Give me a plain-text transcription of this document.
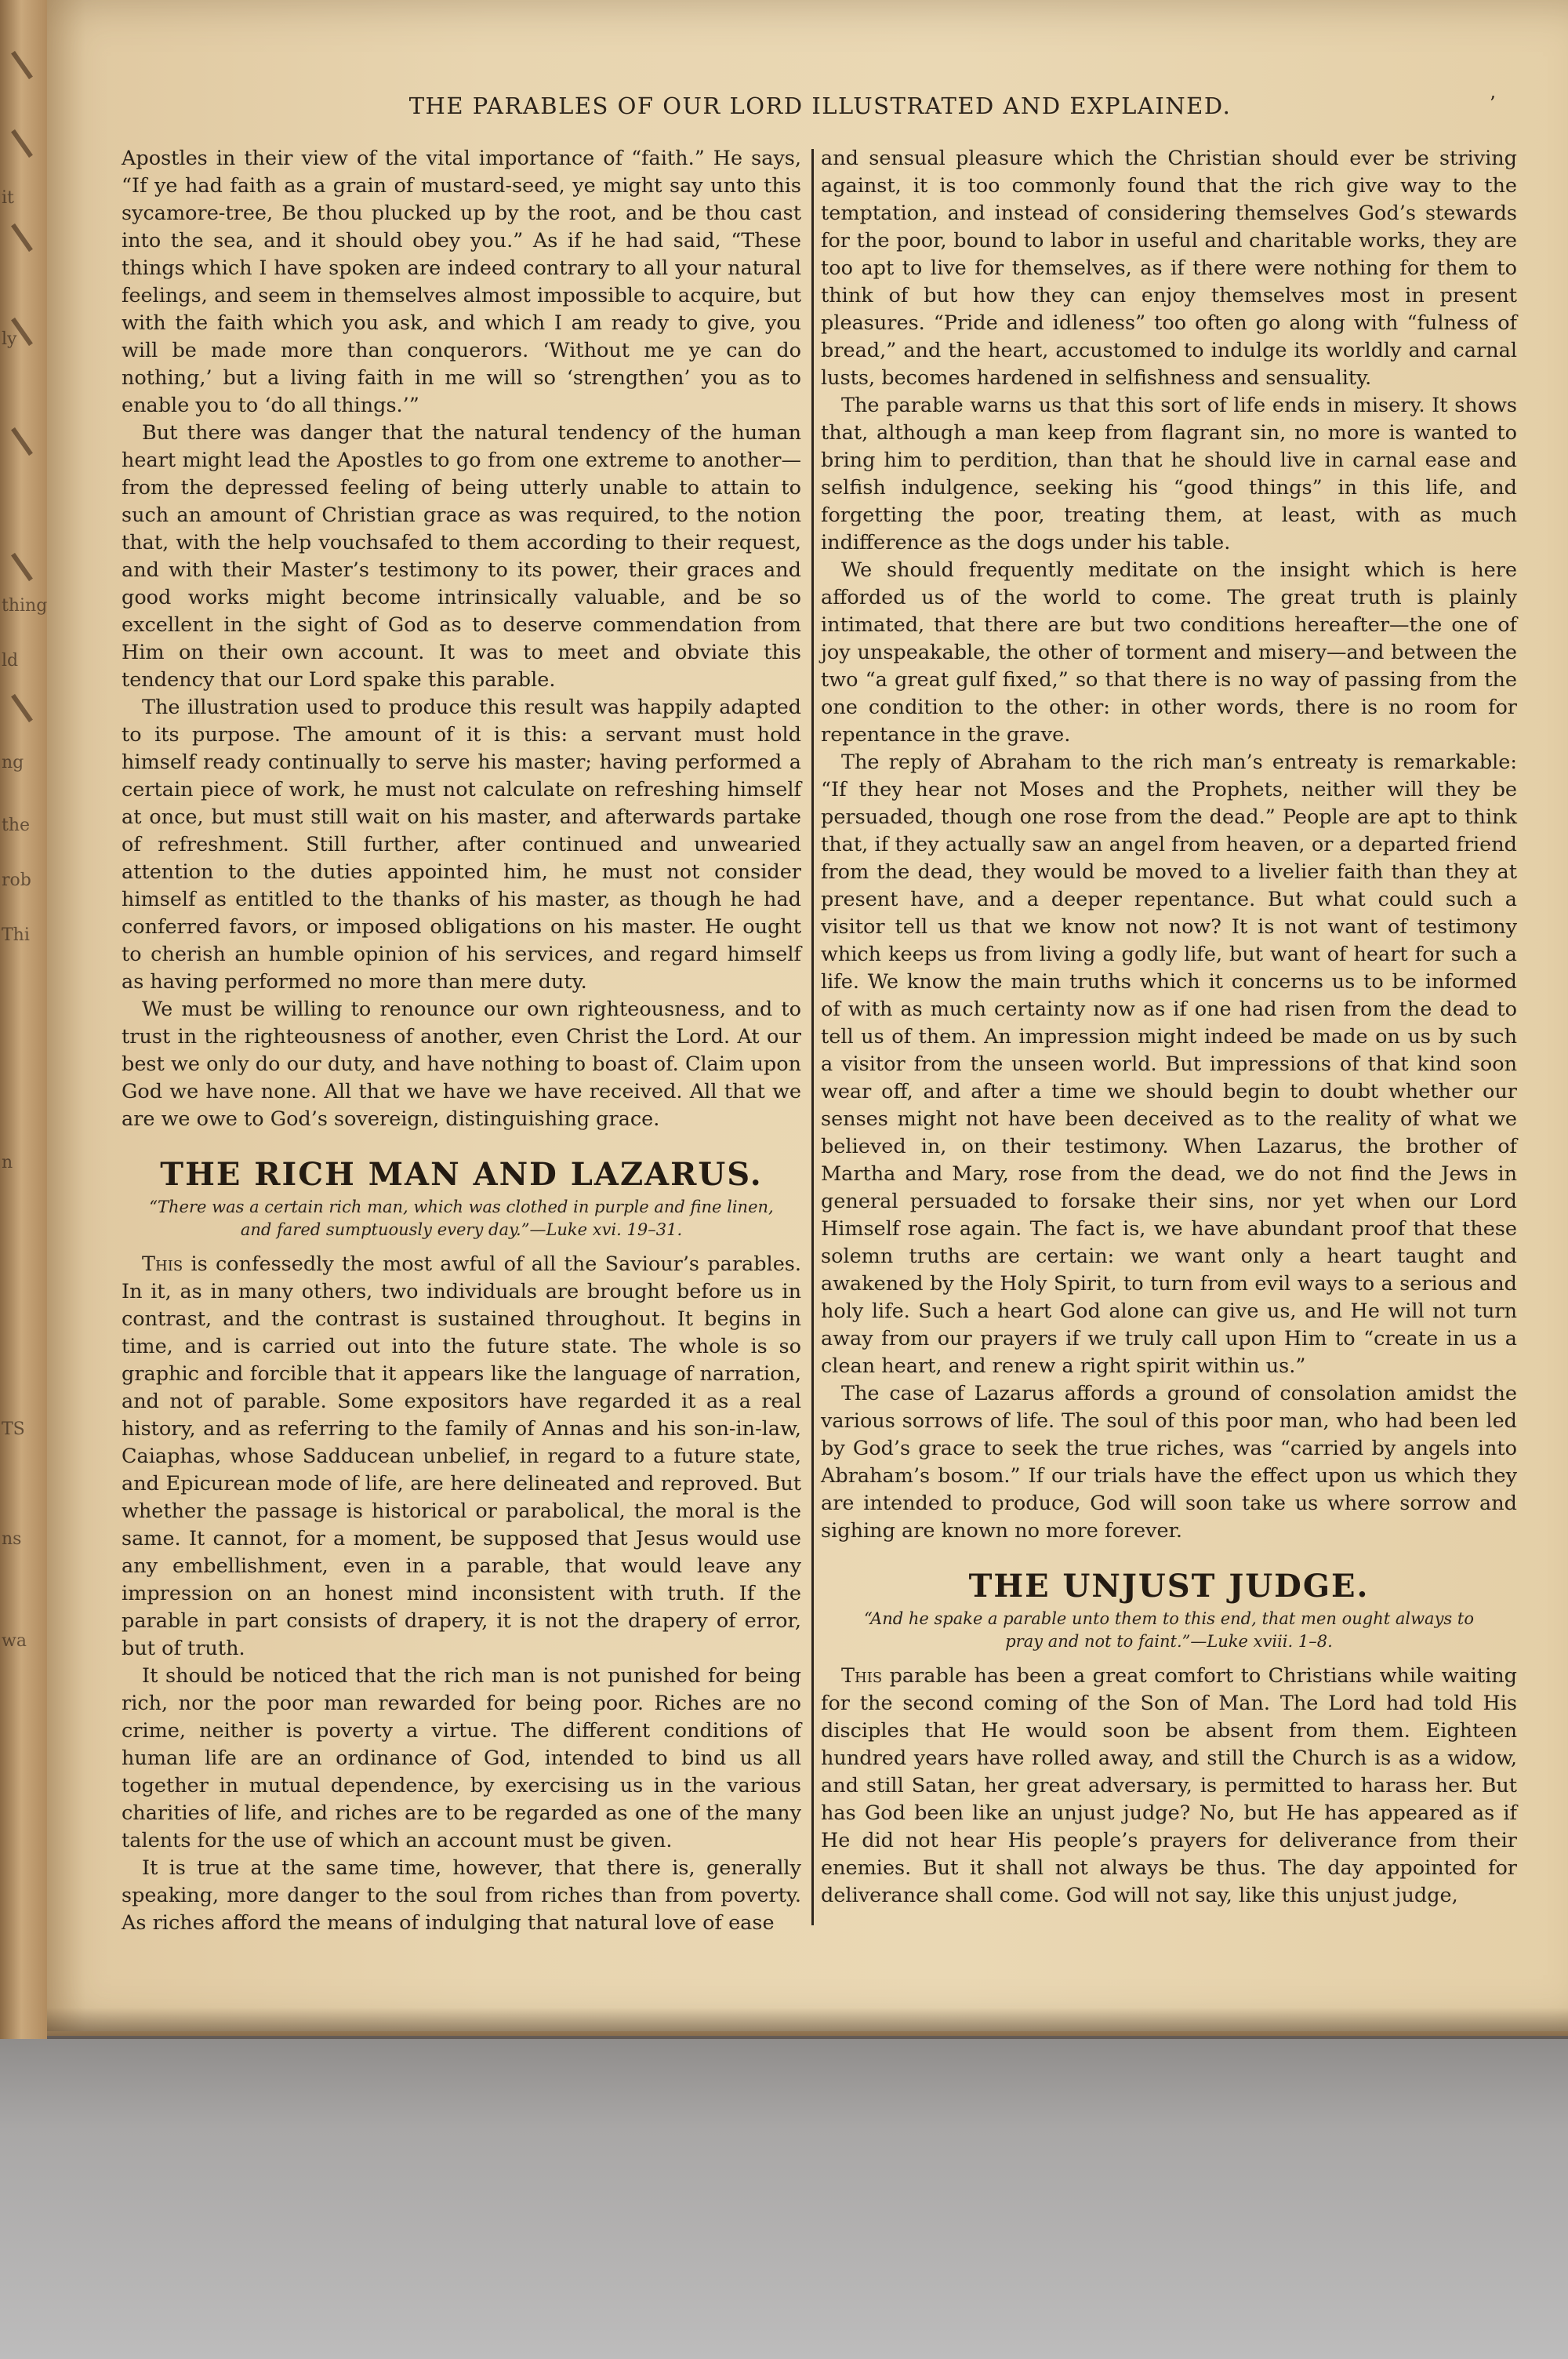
it
ly
thing
ld
ng
the
rob
Thi
n
TS
ns
wa
THE PARABLES OF OUR LORD ILLUSTRATED AND EXPLAINED.	’

Apostles in their view of the vital importance of “faith.” He says, “If ye had faith as a grain of mustard-seed, ye might say unto this sycamore-tree, Be thou plucked up by the root, and be thou cast into the sea, and it should obey you.” As if he had said, “These things which I have spoken are indeed contrary to all your natural feelings, and seem in themselves almost impossible to acquire, but with the faith which you ask, and which I am ready to give, you will be made more than conquerors. ‘Without me ye can do nothing,’ but a living faith in me will so ‘strengthen’ you as to enable you to ‘do all things.’”

But there was danger that the natural tendency of the human heart might lead the Apostles to go from one extreme to another—from the depressed feeling of being utterly unable to attain to such an amount of Christian grace as was required, to the notion that, with the help vouchsafed to them according to their request, and with their Master’s testimony to its power, their graces and good works might become intrinsically valuable, and be so excellent in the sight of God as to deserve commendation from Him on their own account. It was to meet and obviate this tendency that our Lord spake this parable.

The illustration used to produce this result was happily adapted to its purpose. The amount of it is this: a servant must hold himself ready continually to serve his master; having performed a certain piece of work, he must not calculate on refreshing himself at once, but must still wait on his master, and afterwards partake of refreshment. Still further, after continued and unwearied attention to the duties appointed him, he must not consider himself as entitled to the thanks of his master, as though he had conferred favors, or imposed obligations on his master. He ought to cherish an humble opinion of his services, and regard himself as having performed no more than mere duty.

We must be willing to renounce our own righteousness, and to trust in the righteousness of another, even Christ the Lord. At our best we only do our duty, and have nothing to boast of. Claim upon God we have none. All that we have we have received. All that we are we owe to God’s sovereign, distinguishing grace.

THE RICH MAN AND LAZARUS.

“There was a certain rich man, which was clothed in purple and fine linen, and fared sumptuously every day.”—Luke xvi. 19–31.

This is confessedly the most awful of all the Saviour’s parables. In it, as in many others, two individuals are brought before us in contrast, and the contrast is sustained throughout. It begins in time, and is carried out into the future state. The whole is so graphic and forcible that it appears like the language of narration, and not of parable. Some expositors have regarded it as a real history, and as referring to the family of Annas and his son-in-law, Caiaphas, whose Sadducean unbelief, in regard to a future state, and Epicurean mode of life, are here delineated and reproved. But whether the passage is historical or parabolical, the moral is the same. It cannot, for a moment, be supposed that Jesus would use any embellishment, even in a parable, that would leave any impression on an honest mind inconsistent with truth. If the parable in part consists of drapery, it is not the drapery of error, but of truth.

It should be noticed that the rich man is not punished for being rich, nor the poor man rewarded for being poor. Riches are no crime, neither is poverty a virtue. The different conditions of human life are an ordinance of God, intended to bind us all together in mutual dependence, by exercising us in the various charities of life, and riches are to be regarded as one of the many talents for the use of which an account must be given.

It is true at the same time, however, that there is, generally speaking, more danger to the soul from riches than from poverty. As riches afford the means of indulging that natural love of ease

and sensual pleasure which the Christian should ever be striving against, it is too commonly found that the rich give way to the temptation, and instead of considering themselves God’s stewards for the poor, bound to labor in useful and charitable works, they are too apt to live for themselves, as if there were nothing for them to think of but how they can enjoy themselves most in present pleasures. “Pride and idleness” too often go along with “fulness of bread,” and the heart, accustomed to indulge its worldly and carnal lusts, becomes hardened in selfishness and sensuality.

The parable warns us that this sort of life ends in misery. It shows that, although a man keep from flagrant sin, no more is wanted to bring him to perdition, than that he should live in carnal ease and selfish indulgence, seeking his “good things” in this life, and forgetting the poor, treating them, at least, with as much indifference as the dogs under his table.

We should frequently meditate on the insight which is here afforded us of the world to come. The great truth is plainly intimated, that there are but two conditions hereafter—the one of joy unspeakable, the other of torment and misery—and between the two “a great gulf fixed,” so that there is no way of passing from the one condition to the other: in other words, there is no room for repentance in the grave.

The reply of Abraham to the rich man’s entreaty is remarkable: “If they hear not Moses and the Prophets, neither will they be persuaded, though one rose from the dead.” People are apt to think that, if they actually saw an angel from heaven, or a departed friend from the dead, they would be moved to a livelier faith than they at present have, and a deeper repentance. But what could such a visitor tell us that we know not now? It is not want of testimony which keeps us from living a godly life, but want of heart for such a life. We know the main truths which it concerns us to be informed of with as much certainty now as if one had risen from the dead to tell us of them. An impression might indeed be made on us by such a visitor from the unseen world. But impressions of that kind soon wear off, and after a time we should begin to doubt whether our senses might not have been deceived as to the reality of what we believed in, on their testimony. When Lazarus, the brother of Martha and Mary, rose from the dead, we do not find the Jews in general persuaded to forsake their sins, nor yet when our Lord Himself rose again. The fact is, we have abundant proof that these solemn truths are certain: we want only a heart taught and awakened by the Holy Spirit, to turn from evil ways to a serious and holy life. Such a heart God alone can give us, and He will not turn away from our prayers if we truly call upon Him to “create in us a clean heart, and renew a right spirit within us.”

The case of Lazarus affords a ground of consolation amidst the various sorrows of life. The soul of this poor man, who had been led by God’s grace to seek the true riches, was “carried by angels into Abraham’s bosom.” If our trials have the effect upon us which they are intended to produce, God will soon take us where sorrow and sighing are known no more forever.

THE UNJUST JUDGE.

“And he spake a parable unto them to this end, that men ought always to pray and not to faint.”—Luke xviii. 1–8.

This parable has been a great comfort to Christians while waiting for the second coming of the Son of Man. The Lord had told His disciples that He would soon be absent from them. Eighteen hundred years have rolled away, and still the Church is as a widow, and still Satan, her great adversary, is permitted to harass her. But has God been like an unjust judge? No, but He has appeared as if He did not hear His people’s prayers for deliverance from their enemies. But it shall not always be thus. The day appointed for deliverance shall come. God will not say, like this unjust judge,
